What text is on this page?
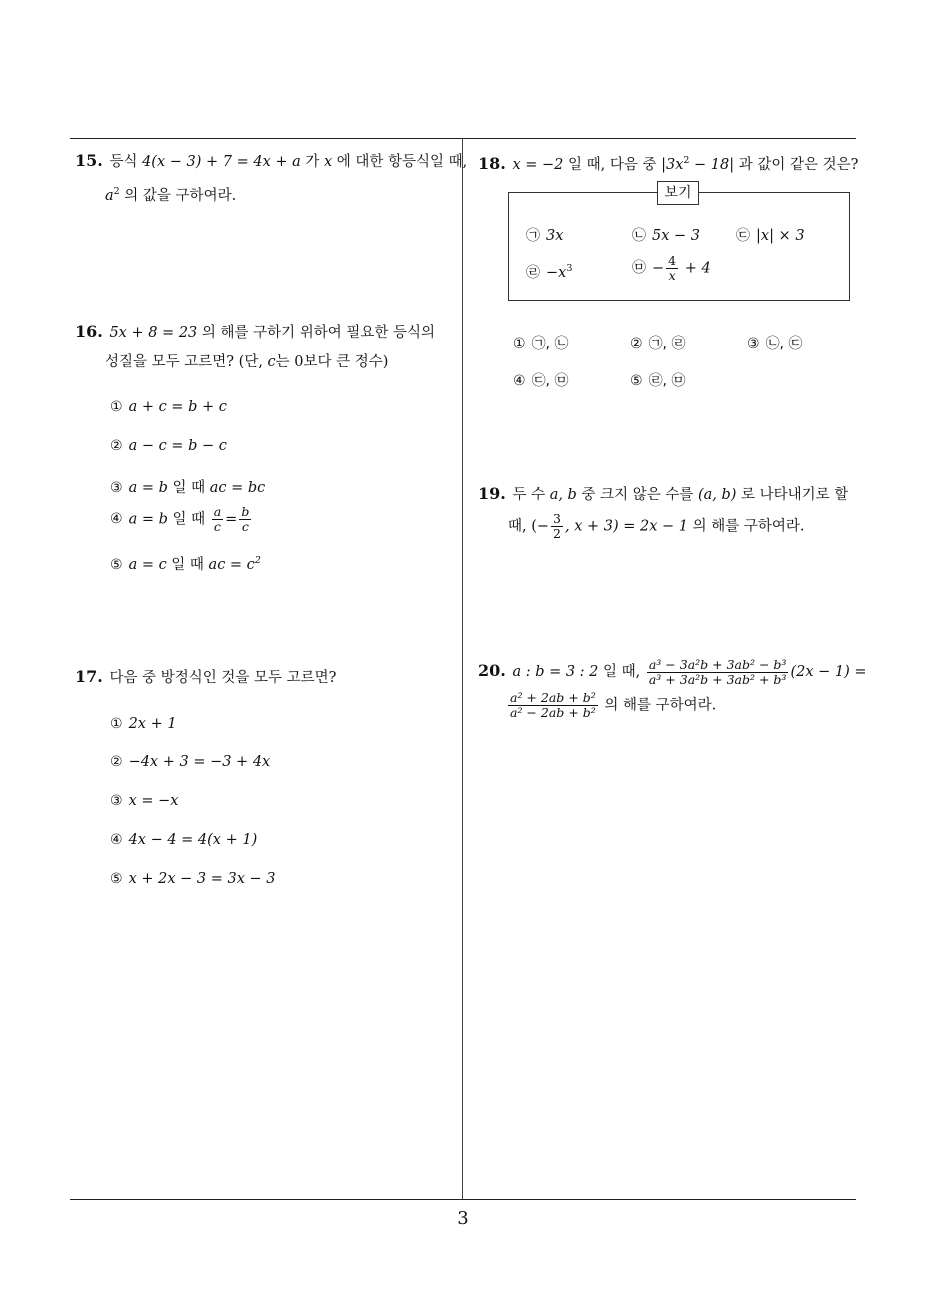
15. 등식 4(x − 3) + 7 = 4x + a 가 x 에 대한 항등식일 때,
$a^2$ 의 값을 구하여라.
16. 5x + 8 = 23 의 해를 구하기 위하여 필요한 등식의
성질을 모두 고르면? (단, c는 0보다 큰 정수)
① a + c = b + c
② a − c = b − c
③ a = b 일 때 ac = bc
④ a = b 일 때 $\frac{a}{c} = \frac{b}{c}$
⑤ a = c 일 때 ac = $c^2$
17. 다음 중 방정식인 것을 모두 고르면?
① 2x + 1
② −4x + 3 = −3 + 4x
③ x = −x
④ 4x − 4 = 4(x + 1)
⑤ x + 2x − 3 = 3x − 3
18. x = −2 일 때, 다음 중 $|3x^2 - 18|$ 과 값이 같은 것은?
보기
㉠ 3x	㉡ 5x − 3	㉢ |x| × 3
㉣ $-x^3$	㉤ − $\frac{4}{x} + 4$
① ㉠, ㉡	② ㉠, ㉣	③ ㉡, ㉢
④ ㉢, ㉤	⑤ ㉣, ㉤
19. 두 수 a, b 중 크지 않은 수를 (a, b) 로 나타내기로 할
때, (− $\frac{3}{2}$ , x + 3) = 2x − 1 의 해를 구하여라.
20. a : b = 3 : 2 일 때, $\frac{\text{a³ − 3a²b + 3ab² − b³}}{\text{a³ + 3a²b + 3ab² + b³}} (2x - 1)$ =
$\frac{\text{a² + 2ab + b²}}{\text{a² − 2ab + b²}}$ 의 해를 구하여라.
3
